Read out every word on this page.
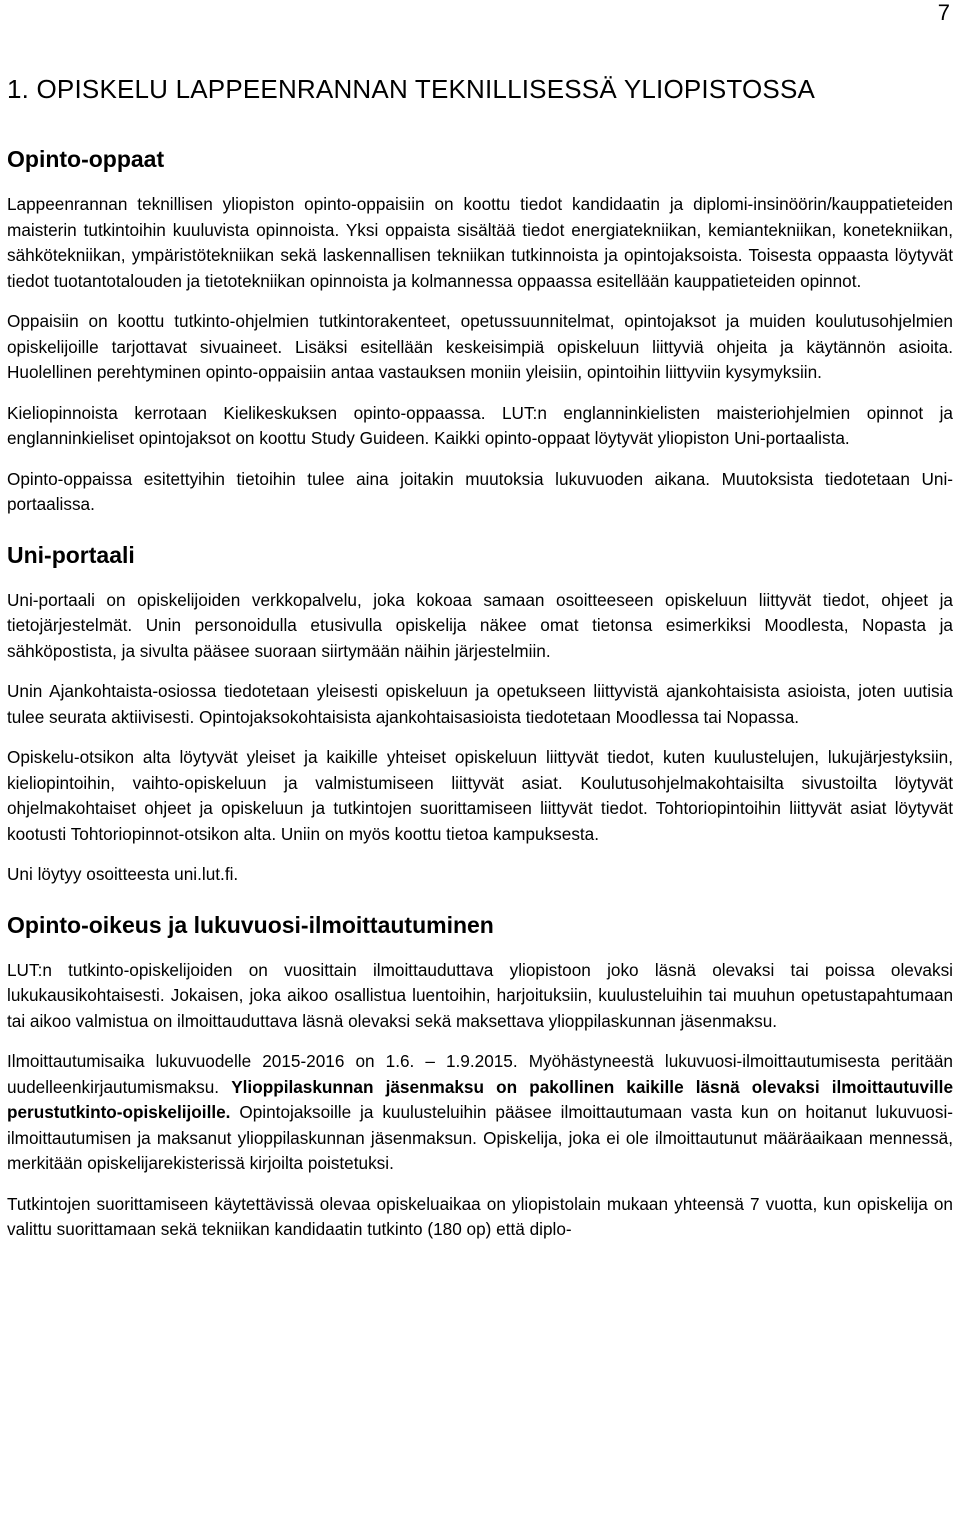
7
1. OPISKELU LAPPEENRANNAN TEKNILLISESSÄ YLIOPISTOSSA
Opinto-oppaat

Lappeenrannan teknillisen yliopiston opinto-oppaisiin on koottu tiedot kandidaatin ja diplomi-insinöörin/kauppatieteiden maisterin tutkintoihin kuuluvista opinnoista. Yksi oppaista sisältää tiedot energiatekniikan, kemiantekniikan, konetekniikan, sähkötekniikan, ympäristötekniikan sekä laskennallisen tekniikan tutkinnoista ja opintojaksoista. Toisesta oppaasta löytyvät tiedot tuotantotalouden ja tietotekniikan opinnoista ja kolmannessa oppaassa esitellään kauppatieteiden opinnot.

Oppaisiin on koottu tutkinto-ohjelmien tutkintorakenteet, opetussuunnitelmat, opintojaksot ja muiden koulutusohjelmien opiskelijoille tarjottavat sivuaineet. Lisäksi esitellään keskeisimpiä opiskeluun liittyviä ohjeita ja käytännön asioita. Huolellinen perehtyminen opinto-oppaisiin antaa vastauksen moniin yleisiin, opintoihin liittyviin kysymyksiin.

Kieliopinnoista kerrotaan Kielikeskuksen opinto-oppaassa. LUT:n englanninkielisten maisteriohjelmien opinnot ja englanninkieliset opintojaksot on koottu Study Guideen. Kaikki opinto-oppaat löytyvät yliopiston Uni-portaalista.

Opinto-oppaissa esitettyihin tietoihin tulee aina joitakin muutoksia lukuvuoden aikana. Muutoksista tiedotetaan Uni-portaalissa.

Uni-portaali

Uni-portaali on opiskelijoiden verkkopalvelu, joka kokoaa samaan osoitteeseen opiskeluun liittyvät tiedot, ohjeet ja tietojärjestelmät. Unin personoidulla etusivulla opiskelija näkee omat tietonsa esimerkiksi Moodlesta, Nopasta ja sähköpostista, ja sivulta pääsee suoraan siirtymään näihin järjestelmiin.

Unin Ajankohtaista-osiossa tiedotetaan yleisesti opiskeluun ja opetukseen liittyvistä ajankohtaisista asioista, joten uutisia tulee seurata aktiivisesti. Opintojaksokohtaisista ajankohtaisasioista tiedotetaan Moodlessa tai Nopassa.

Opiskelu-otsikon alta löytyvät yleiset ja kaikille yhteiset opiskeluun liittyvät tiedot, kuten kuulustelujen, lukujärjestyksiin, kieliopintoihin, vaihto-opiskeluun ja valmistumiseen liittyvät asiat. Koulutusohjelmakohtaisilta sivustoilta löytyvät ohjelmakohtaiset ohjeet ja opiskeluun ja tutkintojen suorittamiseen liittyvät tiedot. Tohtoriopintoihin liittyvät asiat löytyvät kootusti Tohtoriopinnot-otsikon alta. Uniin on myös koottu tietoa kampuksesta.

Uni löytyy osoitteesta uni.lut.fi.

Opinto-oikeus ja lukuvuosi-ilmoittautuminen

LUT:n tutkinto-opiskelijoiden on vuosittain ilmoittauduttava yliopistoon joko läsnä olevaksi tai poissa olevaksi lukukausikohtaisesti. Jokaisen, joka aikoo osallistua luentoihin, harjoituksiin, kuulusteluihin tai muuhun opetustapahtumaan tai aikoo valmistua on ilmoittauduttava läsnä olevaksi sekä maksettava ylioppilaskunnan jäsenmaksu.

Ilmoittautumisaika lukuvuodelle 2015-2016 on 1.6. – 1.9.2015. Myöhästyneestä lukuvuosi-ilmoittautumisesta peritään uudelleenkirjautumismaksu. Ylioppilaskunnan jäsenmaksu on pakollinen kaikille läsnä olevaksi ilmoittautuville perustutkinto-opiskelijoille. Opintojaksoille ja kuulusteluihin pääsee ilmoittautumaan vasta kun on hoitanut lukuvuosi-ilmoittautumisen ja maksanut ylioppilaskunnan jäsenmaksun. Opiskelija, joka ei ole ilmoittautunut määräaikaan mennessä, merkitään opiskelijarekisterissä kirjoilta poistetuksi.

Tutkintojen suorittamiseen käytettävissä olevaa opiskeluaikaa on yliopistolain mukaan yhteensä 7 vuotta, kun opiskelija on valittu suorittamaan sekä tekniikan kandidaatin tutkinto (180 op) että diplo-
